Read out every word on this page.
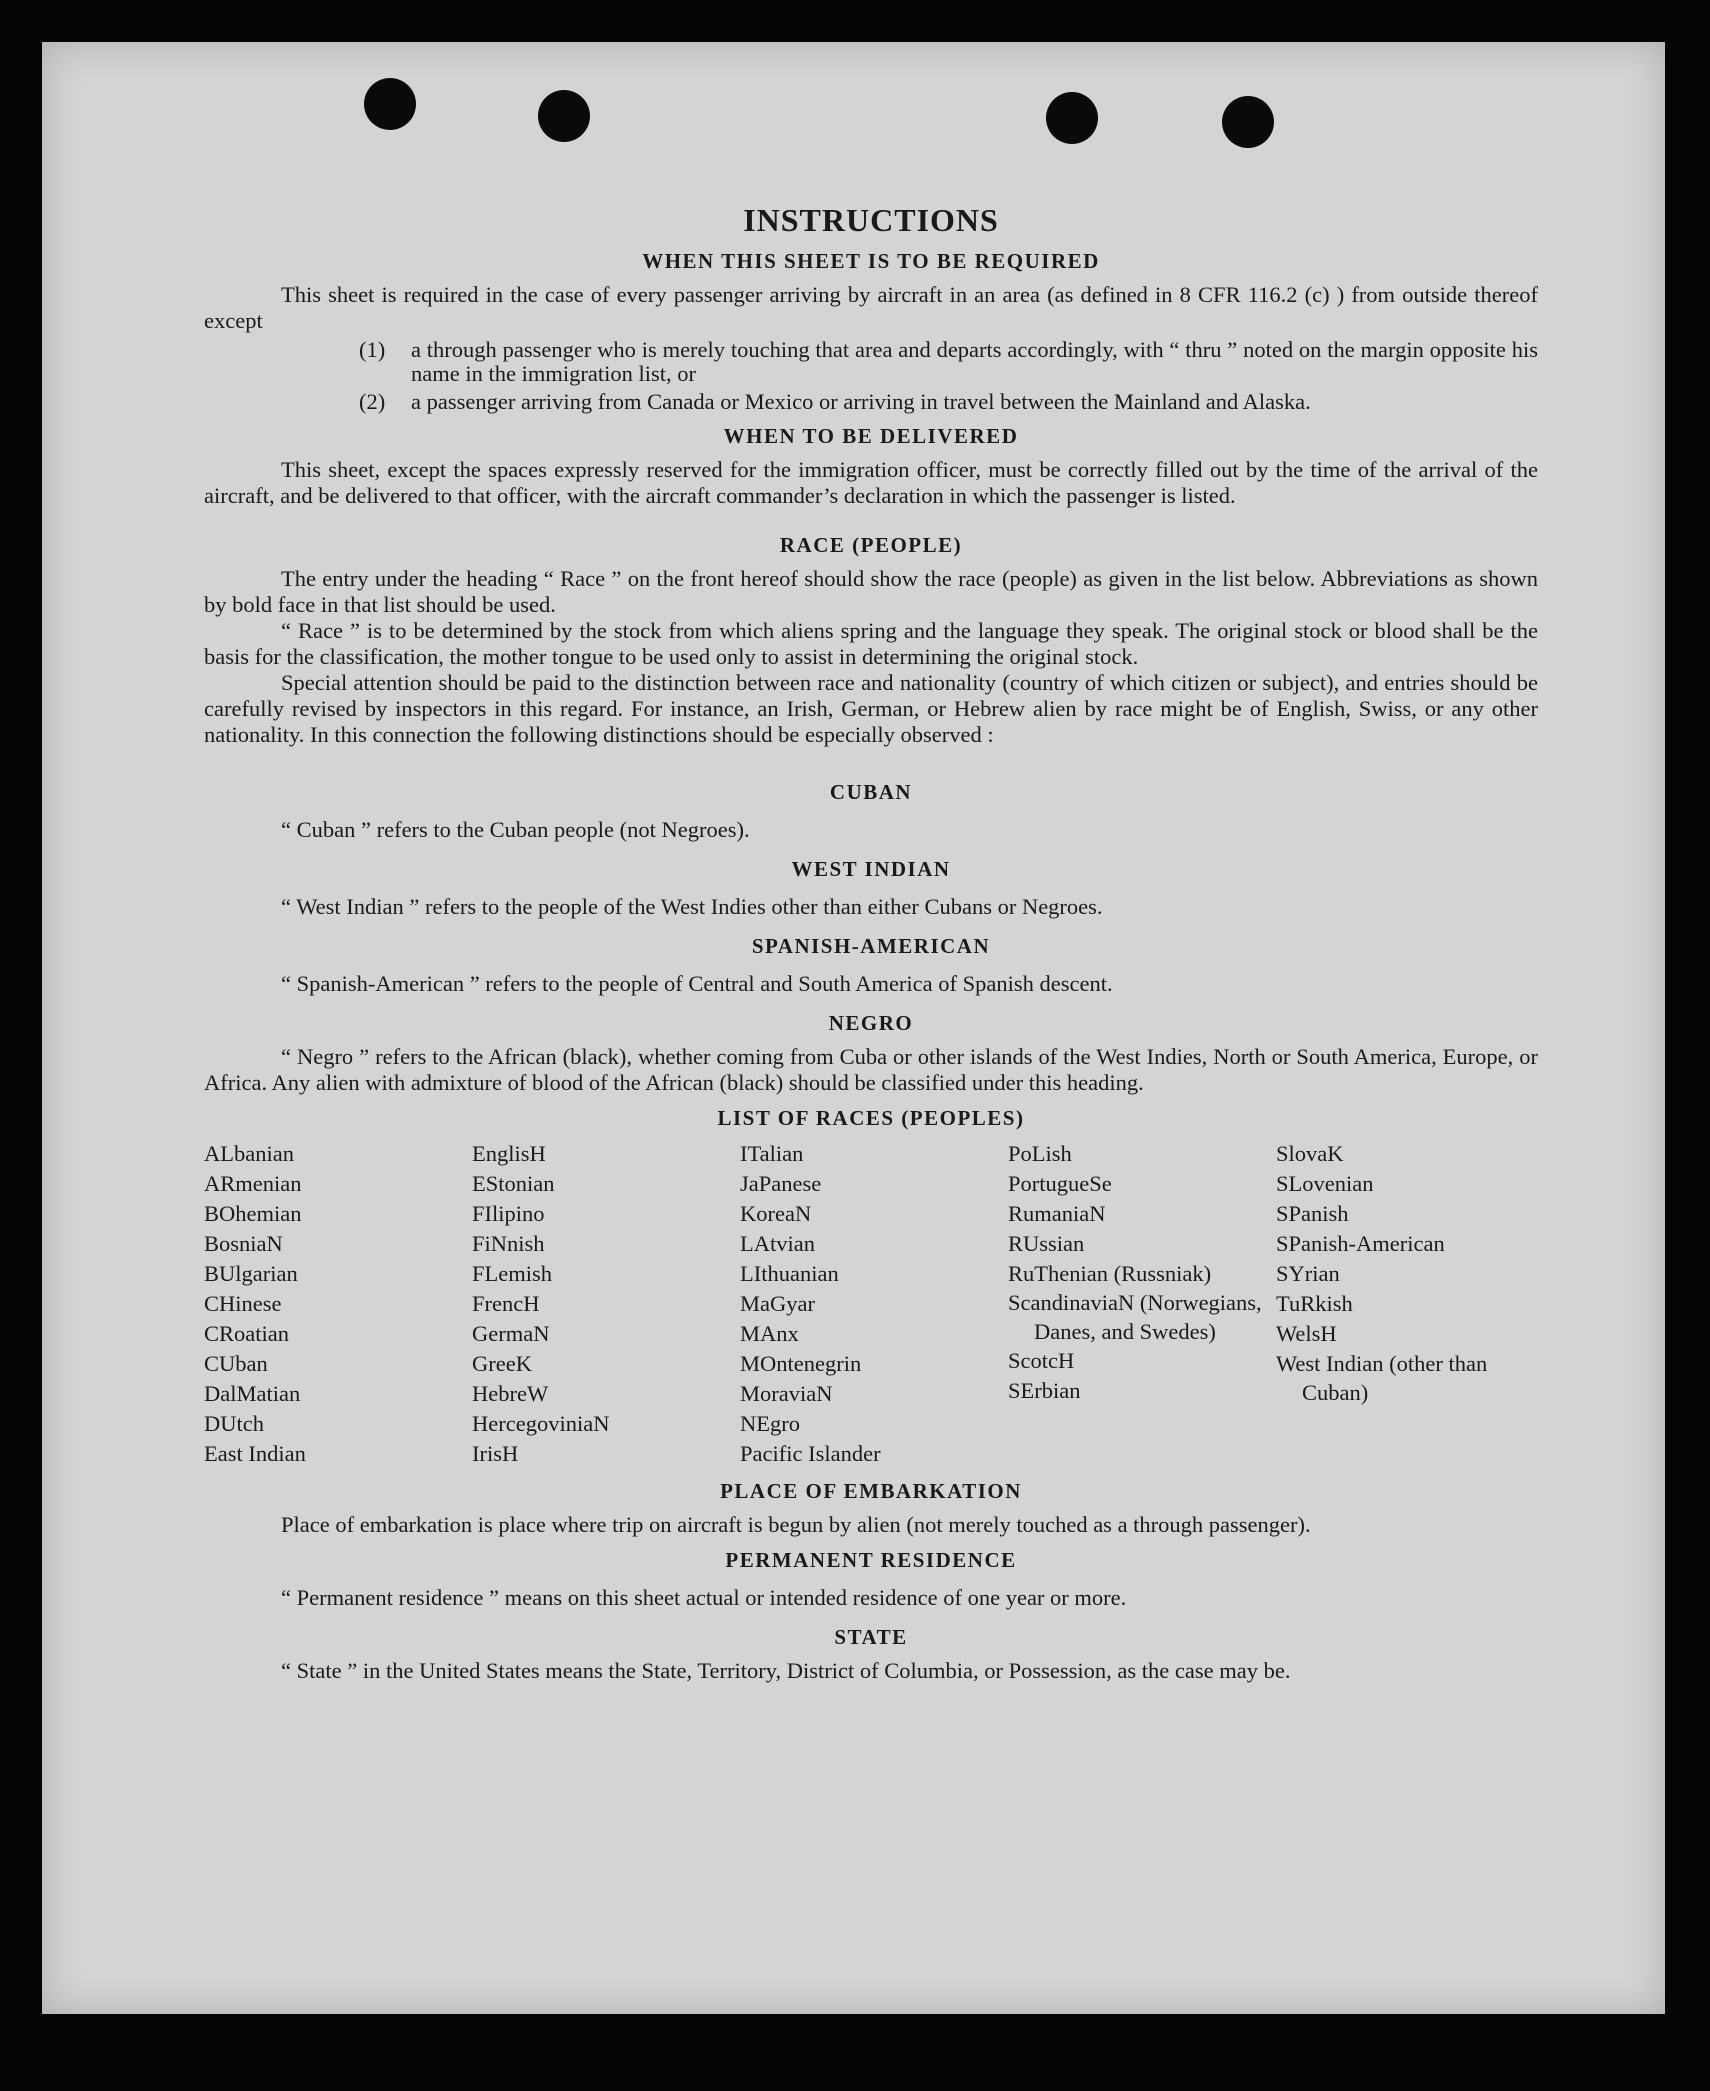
INSTRUCTIONS
WHEN THIS SHEET IS TO BE REQUIRED

This sheet is required in the case of every passenger arriving by aircraft in an area (as defined in 8 CFR 116.2 (c) ) from outside thereof except

(1)	a through passenger who is merely touching that area and departs accordingly, with “ thru ” noted on the margin opposite his name in the immigration list, or
(2)	a passenger arriving from Canada or Mexico or arriving in travel between the Mainland and Alaska.
WHEN TO BE DELIVERED

This sheet, except the spaces expressly reserved for the immigration officer, must be correctly filled out by the time of the arrival of the aircraft, and be delivered to that officer, with the aircraft commander’s declaration in which the passenger is listed.

RACE (PEOPLE)

The entry under the heading “ Race ” on the front hereof should show the race (people) as given in the list below. Abbreviations as shown by bold face in that list should be used.

“ Race ” is to be determined by the stock from which aliens spring and the language they speak. The original stock or blood shall be the basis for the classification, the mother tongue to be used only to assist in determining the original stock.

Special attention should be paid to the distinction between race and nationality (country of which citizen or subject), and entries should be carefully revised by inspectors in this regard. For instance, an Irish, German, or Hebrew alien by race might be of English, Swiss, or any other nationality. In this connection the following distinctions should be especially observed :

CUBAN
“ Cuban ” refers to the Cuban people (not Negroes).
WEST INDIAN
“ West Indian ” refers to the people of the West Indies other than either Cubans or Negroes.
SPANISH-AMERICAN
“ Spanish-American ” refers to the people of Central and South America of Spanish descent.
NEGRO

“ Negro ” refers to the African (black), whether coming from Cuba or other islands of the West Indies, North or South America, Europe, or Africa. Any alien with admixture of blood of the African (black) should be classified under this heading.

LIST OF RACES (PEOPLES)
ALbanian
ARmenian
BOhemian
BosniaN
BUlgarian
CHinese
CRoatian
CUban
DalMatian
DUtch
East Indian
EnglisH
EStonian
FIlipino
FiNnish
FLemish
FrencH
GermaN
GreeK
HebreW
HercegoviniaN
IrisH
ITalian
JaPanese
KoreaN
LAtvian
LIthuanian
MaGyar
MAnx
MOntenegrin
MoraviaN
NEgro
Pacific Islander
PoLish
PortugueSe
RumaniaN
RUssian
RuThenian (Russniak)
ScandinaviaN (Norwegians, Danes, and Swedes)
ScotcH
SErbian
SlovaK
SLovenian
SPanish
SPanish-American
SYrian
TuRkish
WelsH
West Indian (other than Cuban)
PLACE OF EMBARKATION

Place of embarkation is place where trip on aircraft is begun by alien (not merely touched as a through passenger).

PERMANENT RESIDENCE
“ Permanent residence ” means on this sheet actual or intended residence of one year or more.
STATE

“ State ” in the United States means the State, Territory, District of Columbia, or Possession, as the case may be.
